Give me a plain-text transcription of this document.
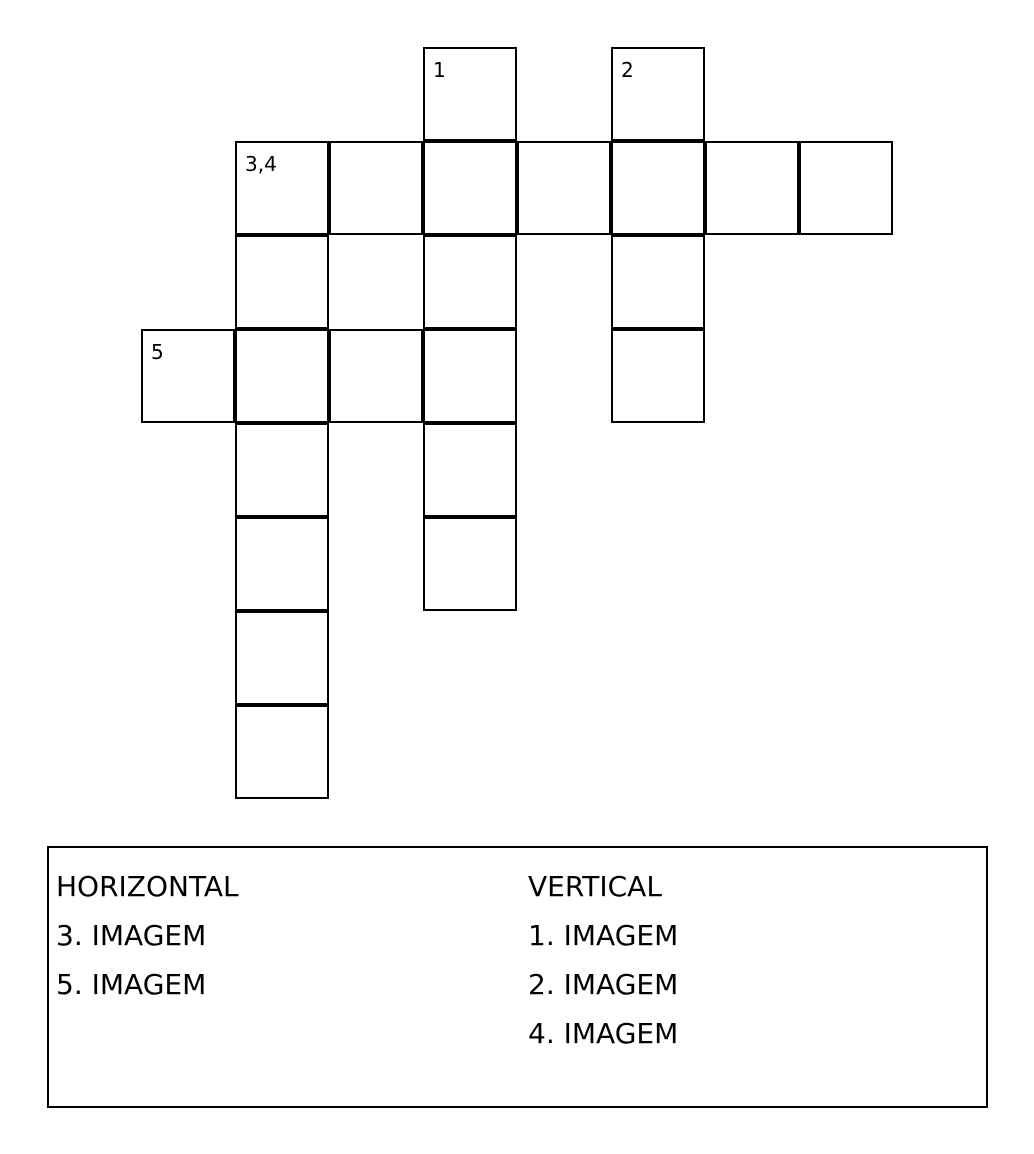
1	2
3,4
5
HORIZONTAL
3. IMAGEM
5. IMAGEM
VERTICAL
1. IMAGEM
2. IMAGEM
4. IMAGEM
